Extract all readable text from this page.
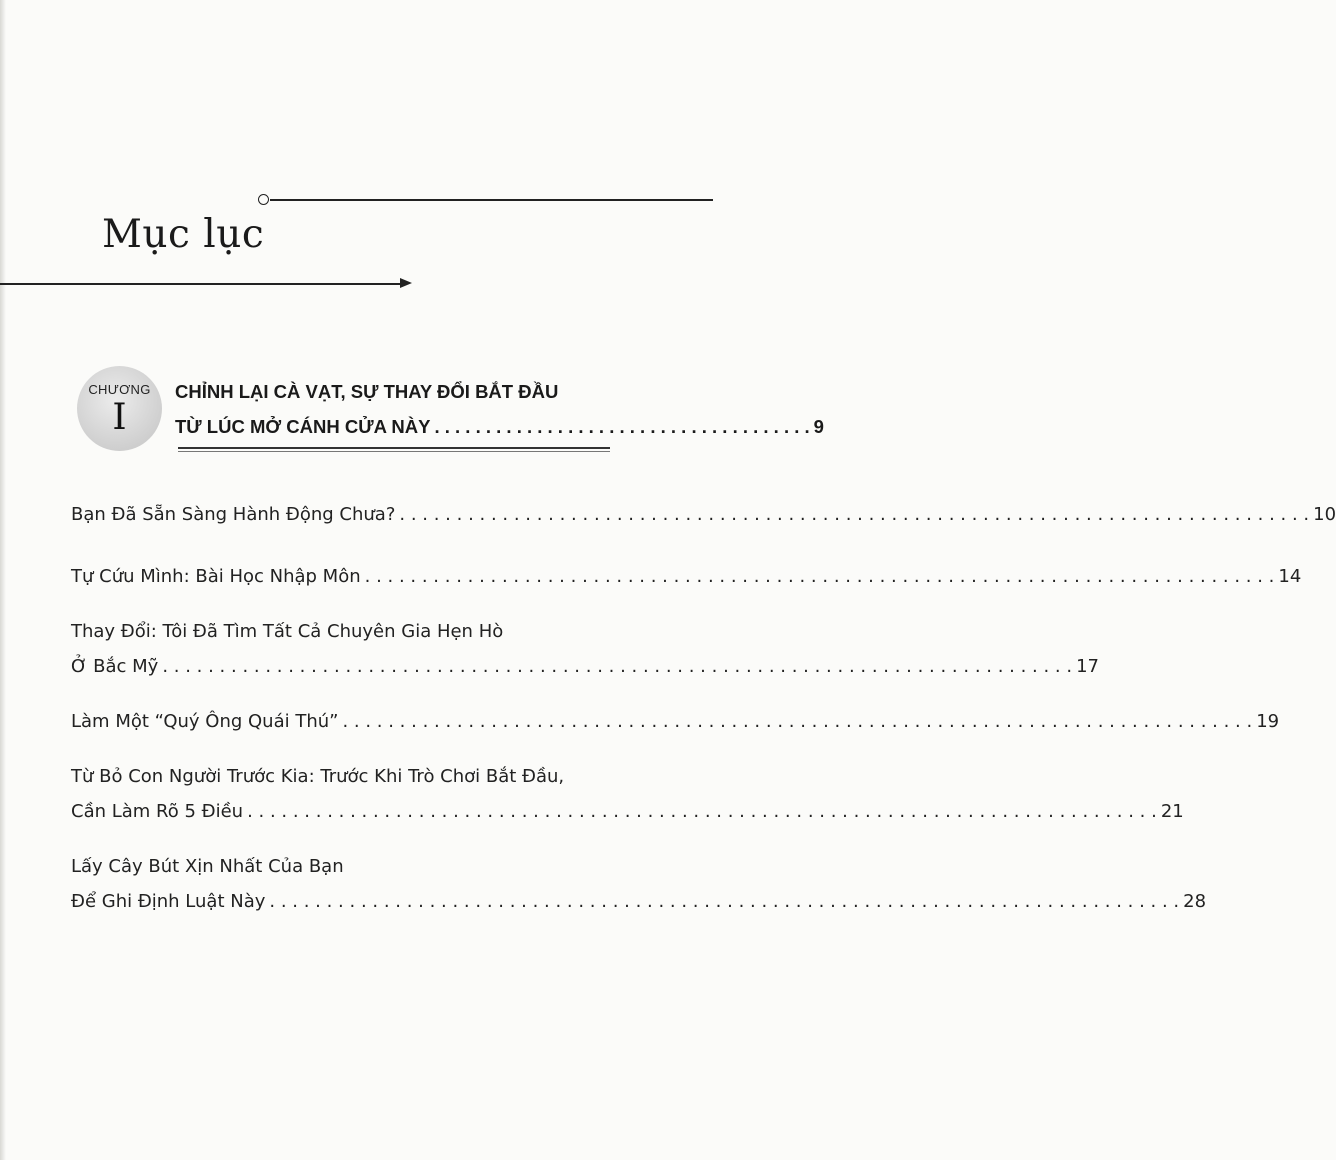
Mục lục
CHƯƠNG
I
CHỈNH LẠI CÀ VẠT, SỰ THAY ĐỔI BẮT ĐẦU
TỪ LÚC MỞ CÁNH CỬA NÀY . . . . . . . . . . . . . . . . . . . . . . . . . . . . . . . . . . . . . 9
Bạn Đã Sẵn Sàng Hành Động Chưa? . . . . . . . . . . . . . . . . . . . . . . . . . . . . . . . . . . . . . . . . . . . . . . . . . . . . . . . . . . . . . . . . . . . . . . . . . . . . . . . . 10
Tự Cứu Mình: Bài Học Nhập Môn . . . . . . . . . . . . . . . . . . . . . . . . . . . . . . . . . . . . . . . . . . . . . . . . . . . . . . . . . . . . . . . . . . . . . . . . . . . . . . . . 14
Thay Đổi: Tôi Đã Tìm Tất Cả Chuyên Gia Hẹn Hò
Ở Bắc Mỹ . . . . . . . . . . . . . . . . . . . . . . . . . . . . . . . . . . . . . . . . . . . . . . . . . . . . . . . . . . . . . . . . . . . . . . . . . . . . . . . . 17
Làm Một “Quý Ông Quái Thú” . . . . . . . . . . . . . . . . . . . . . . . . . . . . . . . . . . . . . . . . . . . . . . . . . . . . . . . . . . . . . . . . . . . . . . . . . . . . . . . . 19
Từ Bỏ Con Người Trước Kia: Trước Khi Trò Chơi Bắt Đầu,
Cần Làm Rõ 5 Điều . . . . . . . . . . . . . . . . . . . . . . . . . . . . . . . . . . . . . . . . . . . . . . . . . . . . . . . . . . . . . . . . . . . . . . . . . . . . . . . . 21
Lấy Cây Bút Xịn Nhất Của Bạn
Để Ghi Định Luật Này . . . . . . . . . . . . . . . . . . . . . . . . . . . . . . . . . . . . . . . . . . . . . . . . . . . . . . . . . . . . . . . . . . . . . . . . . . . . . . . . 28
